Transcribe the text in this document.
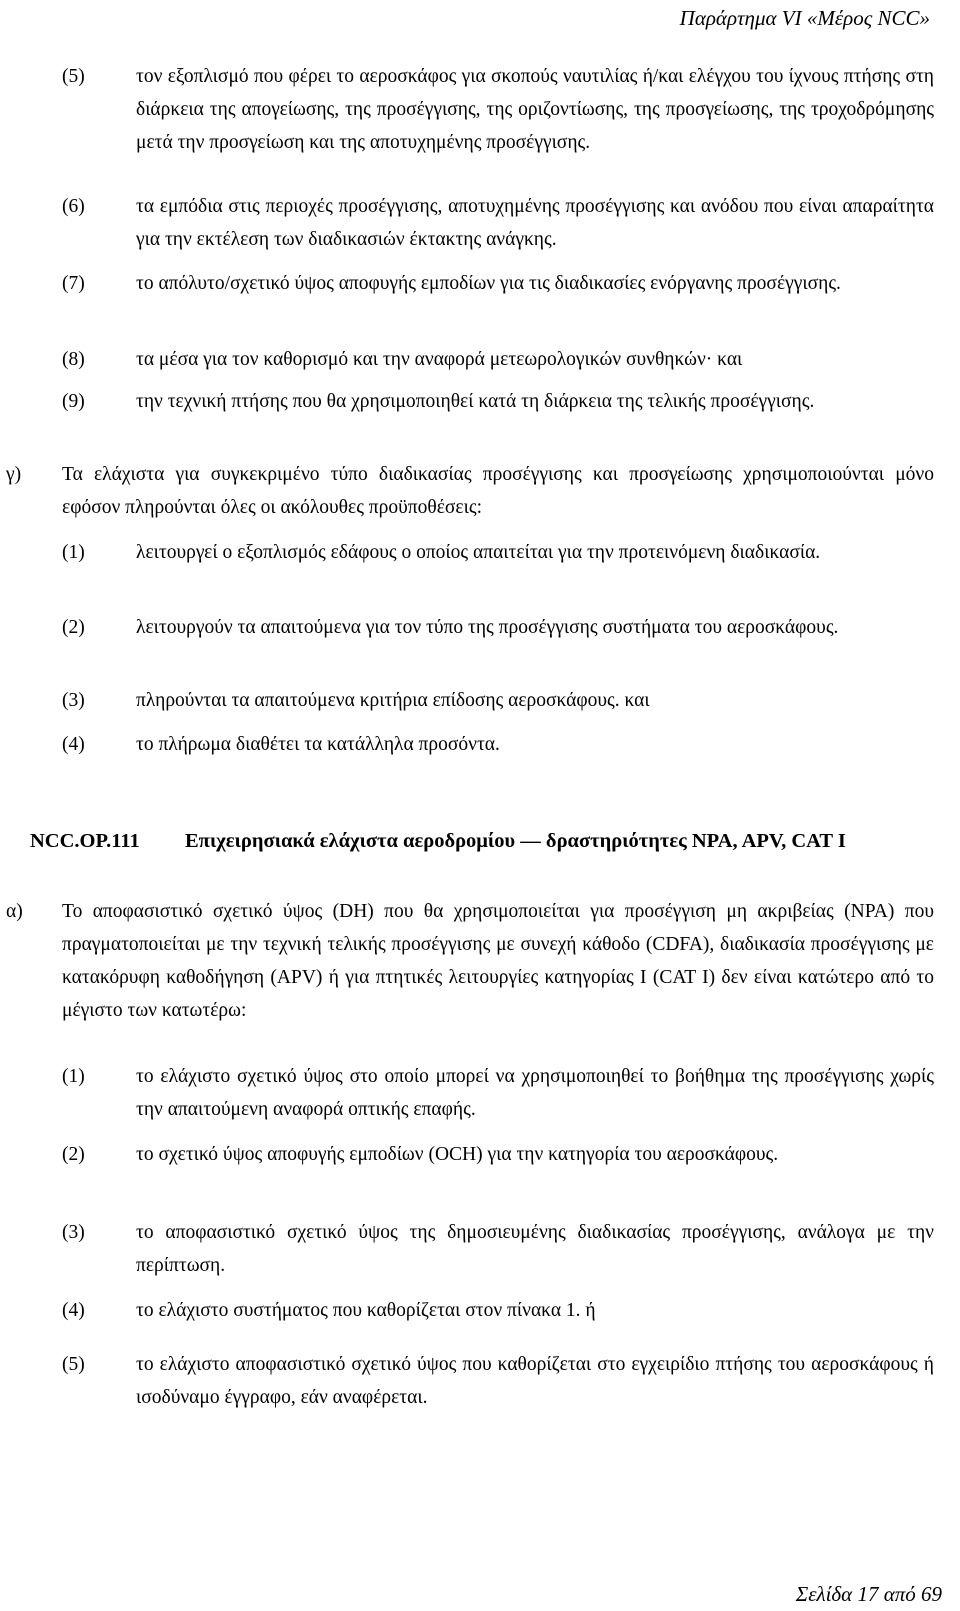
Παράρτημα VI «Μέρος NCC»
(5)	τον εξοπλισμό που φέρει το αεροσκάφος για σκοπούς ναυτιλίας ή/και ελέγχου του ίχνους πτήσης στη διάρκεια της απογείωσης, της προσέγγισης, της οριζοντίωσης, της προσγείωσης, της τροχοδρόμησης μετά την προσγείωση και της αποτυχημένης προσέγγισης.
(6)	τα εμπόδια στις περιοχές προσέγγισης, αποτυχημένης προσέγγισης και ανόδου που είναι απαραίτητα για την εκτέλεση των διαδικασιών έκτακτης ανάγκης.
(7)	το απόλυτο/σχετικό ύψος αποφυγής εμποδίων για τις διαδικασίες ενόργανης προσέγγισης.
(8)	τα μέσα για τον καθορισμό και την αναφορά μετεωρολογικών συνθηκών· και
(9)	την τεχνική πτήσης που θα χρησιμοποιηθεί κατά τη διάρκεια της τελικής προσέγγισης.
γ) Τα ελάχιστα για συγκεκριμένο τύπο διαδικασίας προσέγγισης και προσγείωσης χρησιμοποιούνται μόνο εφόσον πληρούνται όλες οι ακόλουθες προϋποθέσεις:
(1)	λειτουργεί ο εξοπλισμός εδάφους ο οποίος απαιτείται για την προτεινόμενη διαδικασία.
(2)	λειτουργούν τα απαιτούμενα για τον τύπο της προσέγγισης συστήματα του αεροσκάφους.
(3)	πληρούνται τα απαιτούμενα κριτήρια επίδοσης αεροσκάφους. και
(4)	το πλήρωμα διαθέτει τα κατάλληλα προσόντα.
NCC.OP.111 Επιχειρησιακά ελάχιστα αεροδρομίου — δραστηριότητες NPA, APV, CAT I
α) Το αποφασιστικό σχετικό ύψος (DH) που θα χρησιμοποιείται για προσέγγιση μη ακριβείας (NPA) που πραγματοποιείται με την τεχνική τελικής προσέγγισης με συνεχή κάθοδο (CDFA), διαδικασία προσέγγισης με κατακόρυφη καθοδήγηση (APV) ή για πτητικές λειτουργίες κατηγορίας I (CAT I) δεν είναι κατώτερο από το μέγιστο των κατωτέρω:
(1)	το ελάχιστο σχετικό ύψος στο οποίο μπορεί να χρησιμοποιηθεί το βοήθημα της προσέγγισης χωρίς την απαιτούμενη αναφορά οπτικής επαφής.
(2)	το σχετικό ύψος αποφυγής εμποδίων (OCH) για την κατηγορία του αεροσκάφους.
(3)	το αποφασιστικό σχετικό ύψος της δημοσιευμένης διαδικασίας προσέγγισης, ανάλογα με την περίπτωση.
(4)	το ελάχιστο συστήματος που καθορίζεται στον πίνακα 1. ή
(5)	το ελάχιστο αποφασιστικό σχετικό ύψος που καθορίζεται στο εγχειρίδιο πτήσης του αεροσκάφους ή ισοδύναμο έγγραφο, εάν αναφέρεται.
Σελίδα 17 από 69
